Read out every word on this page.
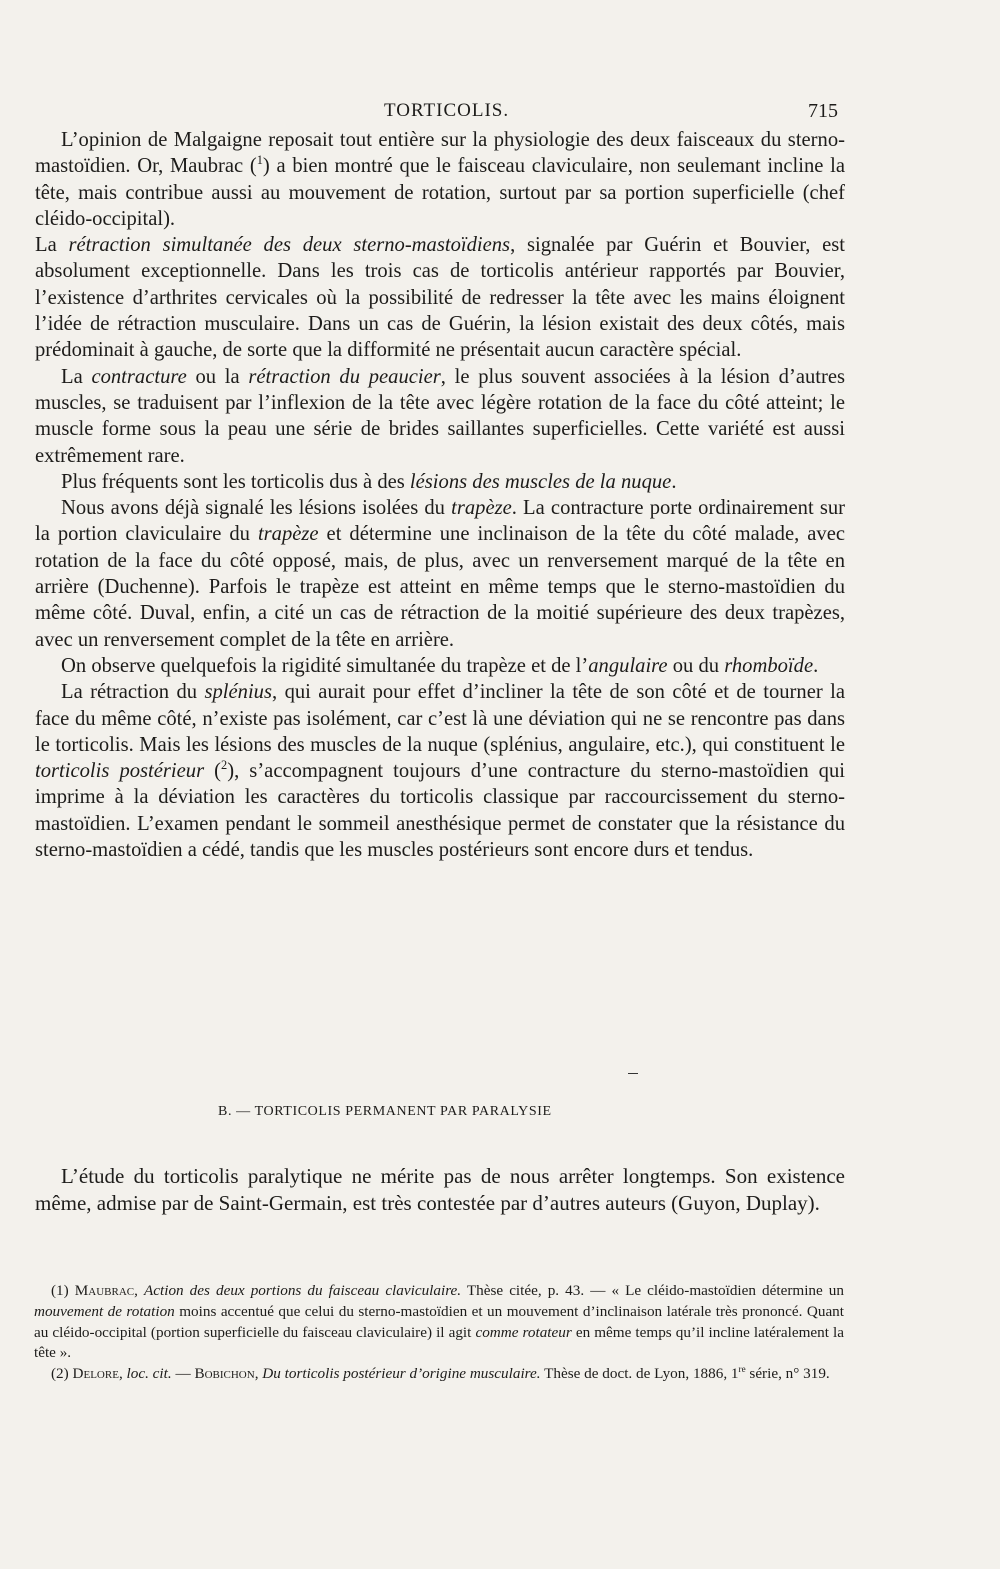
TORTICOLIS.	715

L’opinion de Malgaigne reposait tout entière sur la physiologie des deux faisceaux du sterno-mastoïdien. Or, Maubrac ($^1$) a bien montré que le faisceau claviculaire, non seulemant incline la tête, mais contribue aussi au mouvement de rotation, surtout par sa portion superficielle (chef cléido-occipital).

La rétraction simultanée des deux sterno-mastoïdiens, signalée par Guérin et Bouvier, est absolument exceptionnelle. Dans les trois cas de torticolis antérieur rapportés par Bouvier, l’existence d’arthrites cervicales où la possibilité de redresser la tête avec les mains éloignent l’idée de rétraction musculaire. Dans un cas de Guérin, la lésion existait des deux côtés, mais prédominait à gauche, de sorte que la difformité ne présentait aucun caractère spécial.

La contracture ou la rétraction du peaucier, le plus souvent associées à la lésion d’autres muscles, se traduisent par l’inflexion de la tête avec légère rotation de la face du côté atteint; le muscle forme sous la peau une série de brides saillantes superficielles. Cette variété est aussi extrêmement rare.

Plus fréquents sont les torticolis dus à des lésions des muscles de la nuque.

Nous avons déjà signalé les lésions isolées du trapèze. La contracture porte ordinairement sur la portion claviculaire du trapèze et détermine une inclinaison de la tête du côté malade, avec rotation de la face du côté opposé, mais, de plus, avec un renversement marqué de la tête en arrière (Duchenne). Parfois le trapèze est atteint en même temps que le sterno-mastoïdien du même côté. Duval, enfin, a cité un cas de rétraction de la moitié supérieure des deux trapèzes, avec un renversement complet de la tête en arrière.

On observe quelquefois la rigidité simultanée du trapèze et de l’angulaire ou du rhomboïde.

La rétraction du splénius, qui aurait pour effet d’incliner la tête de son côté et de tourner la face du même côté, n’existe pas isolément, car c’est là une déviation qui ne se rencontre pas dans le torticolis. Mais les lésions des muscles de la nuque (splénius, angulaire, etc.), qui constituent le torticolis postérieur ($^2$), s’accompagnent toujours d’une contracture du sterno-mastoïdien qui imprime à la déviation les caractères du torticolis classique par raccourcissement du sterno-mastoïdien. L’examen pendant le sommeil anesthésique permet de constater que la résistance du sterno-mastoïdien a cédé, tandis que les muscles postérieurs sont encore durs et tendus.

B. — TORTICOLIS PERMANENT PAR PARALYSIE

L’étude du torticolis paralytique ne mérite pas de nous arrêter longtemps. Son existence même, admise par de Saint-Germain, est très contestée par d’autres auteurs (Guyon, Duplay).

(1) Maubrac, Action des deux portions du faisceau claviculaire. Thèse citée, p. 43. — « Le cléido-mastoïdien détermine un mouvement de rotation moins accentué que celui du sterno-mastoïdien et un mouvement d’inclinaison latérale très prononcé. Quant au cléido-occipital (portion superficielle du faisceau claviculaire) il agit comme rotateur en même temps qu’il incline latéralement la tête ».

(2) Delore, loc. cit. — Bobichon, Du torticolis postérieur d’origine musculaire. Thèse de doct. de Lyon, 1886, 1re série, n° 319.
